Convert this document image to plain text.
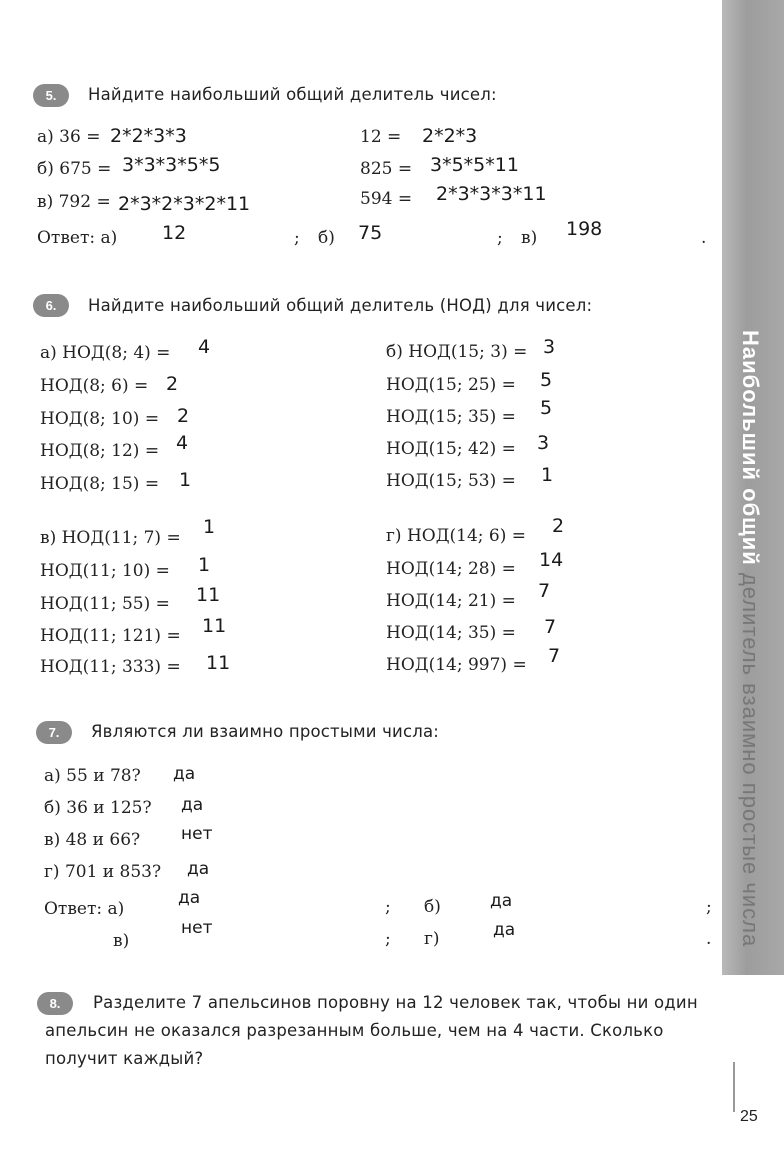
Наибольший общий делитель взаимно простые числа
5.	Найдите наибольший общий делитель чисел:
а) 36 = 2*2*3*3	12 = 2*2*3
б) 675 = 3*3*3*5*5	825 = 3*5*5*11
в) 792 = 2*3*2*3*2*11	594 = 2*3*3*3*11
Ответ: а) 12	; б) 75	; в) 198	.
6.	Найдите наибольший общий делитель (НОД) для чисел:
а) НОД(8; 4) = 4
НОД(8; 6) = 2
НОД(8; 10) = 2
НОД(8; 12) = 4
НОД(8; 15) = 1
б) НОД(15; 3) = 3
НОД(15; 25) = 5
НОД(15; 35) = 5
НОД(15; 42) = 3
НОД(15; 53) = 1
в) НОД(11; 7) = 1
НОД(11; 10) = 1
НОД(11; 55) = 11
НОД(11; 121) = 11
НОД(11; 333) = 11
г) НОД(14; 6) = 2
НОД(14; 28) = 14
НОД(14; 21) = 7
НОД(14; 35) = 7
НОД(14; 997) = 7
7.	Являются ли взаимно простыми числа:
а) 55 и 78? да
б) 36 и 125? да
в) 48 и 66? нет
г) 701 и 853? да
Ответ: а)
да	; б)	да	;
в)
нет
; г)	да	.
8.	Разделите 7 апельсинов поровну на 12 человек так, чтобы ни один
апельсин не оказался разрезанным больше, чем на 4 части. Сколько
получит каждый?
25
